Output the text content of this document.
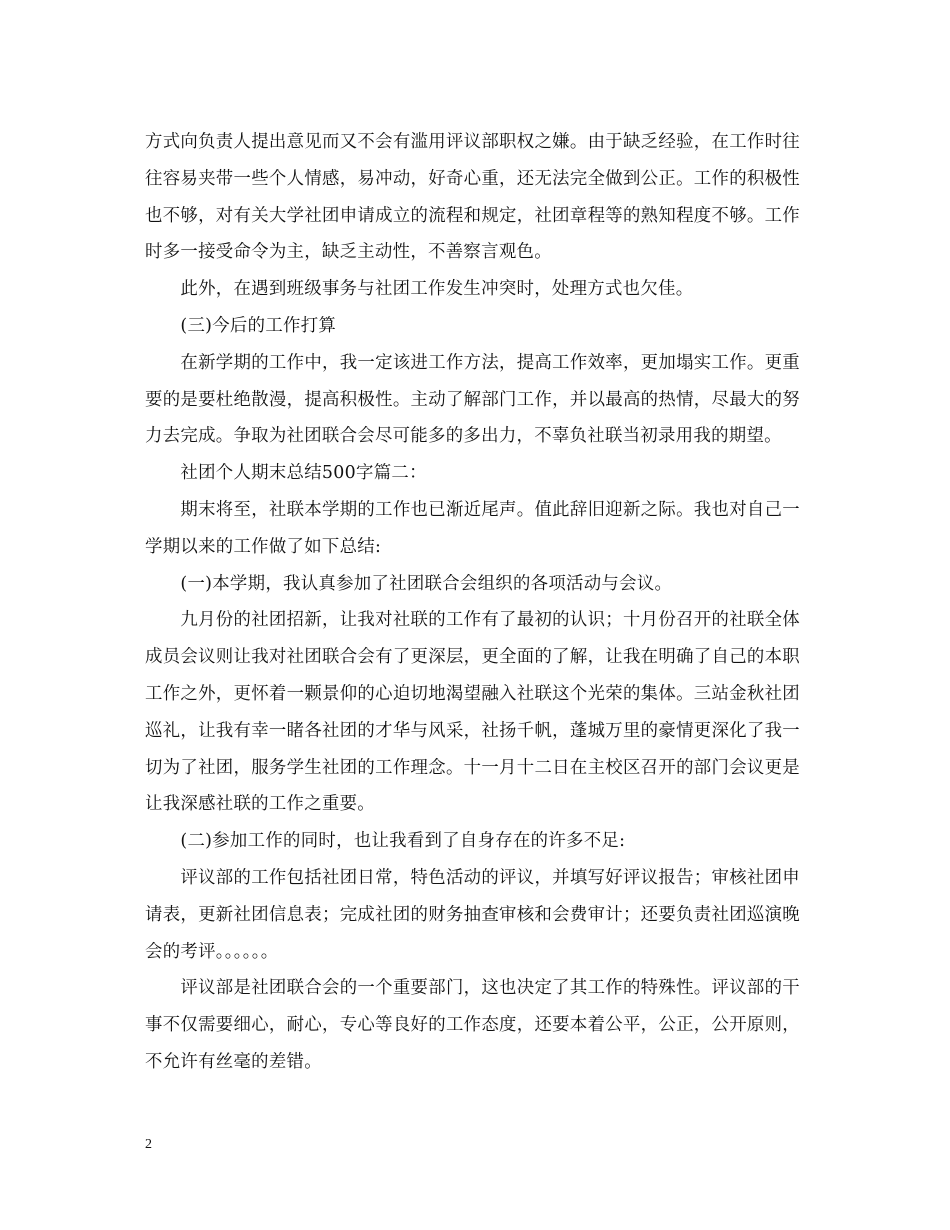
方式向负责人提出意见而又不会有滥用评议部职权之嫌。由于缺乏经验，在工作时往往容易夹带一些个人情感，易冲动，好奇心重，还无法完全做到公正。工作的积极性也不够，对有关大学社团申请成立的流程和规定，社团章程等的熟知程度不够。工作时多一接受命令为主，缺乏主动性，不善察言观色。

　　此外，在遇到班级事务与社团工作发生冲突时，处理方式也欠佳。

　　(三)今后的工作打算

　　在新学期的工作中，我一定该进工作方法，提高工作效率，更加塌实工作。更重要的是要杜绝散漫，提高积极性。主动了解部门工作，并以最高的热情，尽最大的努力去完成。争取为社团联合会尽可能多的多出力，不辜负社联当初录用我的期望。

　　社团个人期末总结500字篇二：

　　期末将至，社联本学期的工作也已渐近尾声。值此辞旧迎新之际。我也对自己一学期以来的工作做了如下总结:

　　(一)本学期，我认真参加了社团联合会组织的各项活动与会议。

　　九月份的社团招新，让我对社联的工作有了最初的认识；十月份召开的社联全体成员会议则让我对社团联合会有了更深层，更全面的了解，让我在明确了自己的本职工作之外，更怀着一颗景仰的心迫切地渴望融入社联这个光荣的集体。三站金秋社团巡礼，让我有幸一睹各社团的才华与风采，社扬千帆，蓬城万里的豪情更深化了我一切为了社团，服务学生社团的工作理念。十一月十二日在主校区召开的部门会议更是让我深感社联的工作之重要。

　　(二)参加工作的同时，也让我看到了自身存在的许多不足:

　　评议部的工作包括社团日常，特色活动的评议，并填写好评议报告；审核社团申请表，更新社团信息表；完成社团的财务抽查审核和会费审计；还要负责社团巡演晚会的考评。。。。。。

　　评议部是社团联合会的一个重要部门，这也决定了其工作的特殊性。评议部的干事不仅需要细心，耐心，专心等良好的工作态度，还要本着公平，公正，公开原则，不允许有丝毫的差错。

2
